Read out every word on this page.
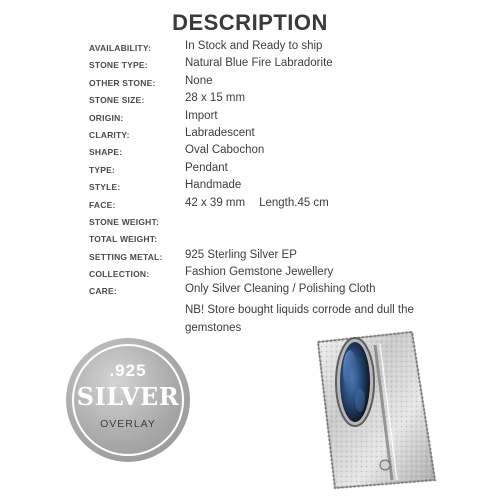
DESCRIPTION
AVAILABILITY:	In Stock and Ready to ship
STONE TYPE:	Natural Blue Fire Labradorite
OTHER STONE:	None
STONE SIZE:	28 x 15 mm
ORIGIN:	Import
CLARITY:	Labradescent
SHAPE:	Oval Cabochon
TYPE:	Pendant
STYLE:	Handmade
FACE:	42 x 39 mm Length.45 cm
STONE WEIGHT:
TOTAL WEIGHT:
SETTING METAL: 925 Sterling Silver EP
COLLECTION:	Fashion Gemstone Jewellery
CARE:	Only Silver Cleaning / Polishing Cloth
NB! Store bought liquids corrode and dull the gemstones
.925
SILVER
OVERLAY
